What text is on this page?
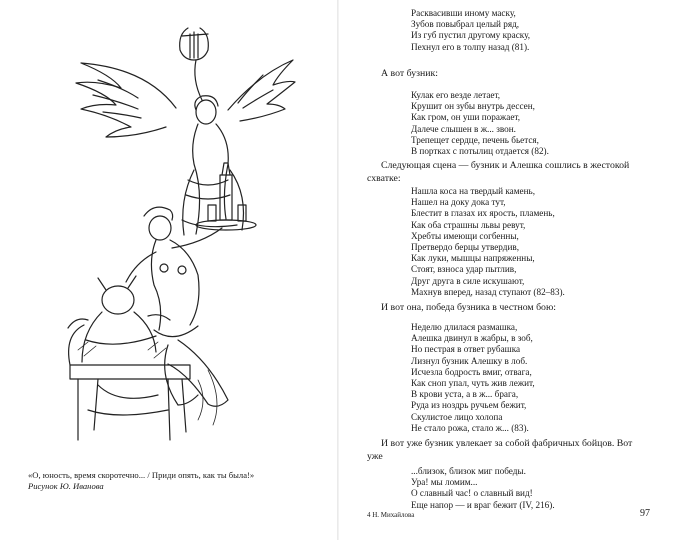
«О, юность, время скоротечно... / Приди опять, как ты была!»
Рисунок Ю. Иванова
Расквасивши иному маску,
Зубов повыбрал целый ряд,
Из губ пустил другому краску,
Пехнул его в толпу назад (81).
А вот бузник:
Кулак его везде летает,
Крушит он зубы внутрь дессен,
Как гром, он уши поражает,
Далече слышен в ж... звон.
Трепещет сердце, печень бьется,
В портках с потылиц отдается (82).
Следующая сцена — бузник и Алешка сошлись в жестокой схватке:
Нашла коса на твердый камень,
Нашел на доку дока тут,
Блестит в глазах их ярость, пламень,
Как оба страшны львы ревут,
Хребты имеющи согбенны,
Претвердо берцы утвердив,
Как луки, мышцы напряженны,
Стоят, взноса удар пытлив,
Друг друга в силе искушают,
Махнув вперед, назад ступают (82–83).
И вот она, победа бузника в честном бою:
Неделю длилася размашка,
Алешка двинул в жабры, в зоб,
Но пестрая в ответ рубашка
Лизнул бузник Алешку в лоб.
Исчезла бодрость вмиг, отвага,
Как сноп упал, чуть жив лежит,
В крови уста, а в ж... брага,
Руда из ноздрь ручьем бежит,
Скулистое лицо холопа
Не стало рожа, стало ж... (83).
И вот уже бузник увлекает за собой фабричных бойцов. Вот уже
...близок, близок миг победы.
Ура! мы ломим...
О славный час! о славный вид!
Еще напор — и враг бежит (IV, 216).
4 Н. Михайлова	97
